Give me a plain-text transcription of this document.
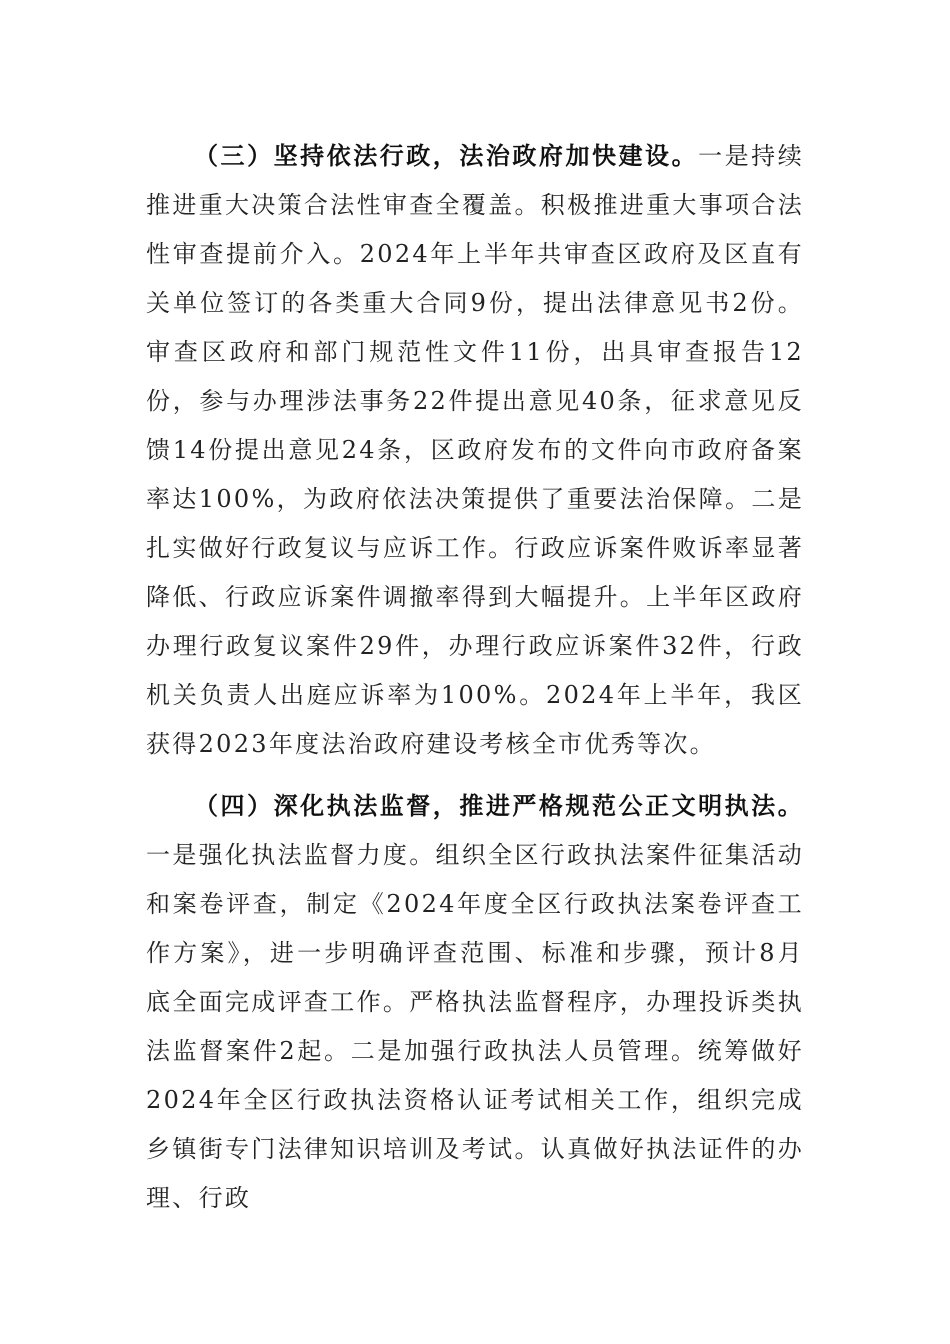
（三）坚持依法行政，法治政府加快建设。一是持续推进重大决策合法性审查全覆盖。积极推进重大事项合法性审查提前介入。2024年上半年共审查区政府及区直有关单位签订的各类重大合同9份，提出法律意见书2份。审查区政府和部门规范性文件11份，出具审查报告12份，参与办理涉法事务22件提出意见40条，征求意见反馈14份提出意见24条，区政府发布的文件向市政府备案率达100%，为政府依法决策提供了重要法治保障。二是扎实做好行政复议与应诉工作。行政应诉案件败诉率显著降低、行政应诉案件调撤率得到大幅提升。上半年区政府办理行政复议案件29件，办理行政应诉案件32件，行政机关负责人出庭应诉率为100%。2024年上半年，我区获得2023年度法治政府建设考核全市优秀等次。

（四）深化执法监督，推进严格规范公正文明执法。一是强化执法监督力度。组织全区行政执法案件征集活动和案卷评查，制定《2024年度全区行政执法案卷评查工作方案》，进一步明确评查范围、标准和步骤，预计8月底全面完成评查工作。严格执法监督程序，办理投诉类执法监督案件2起。二是加强行政执法人员管理。统筹做好2024年全区行政执法资格认证考试相关工作，组织完成乡镇街专门法律知识培训及考试。认真做好执法证件的办理、行政
